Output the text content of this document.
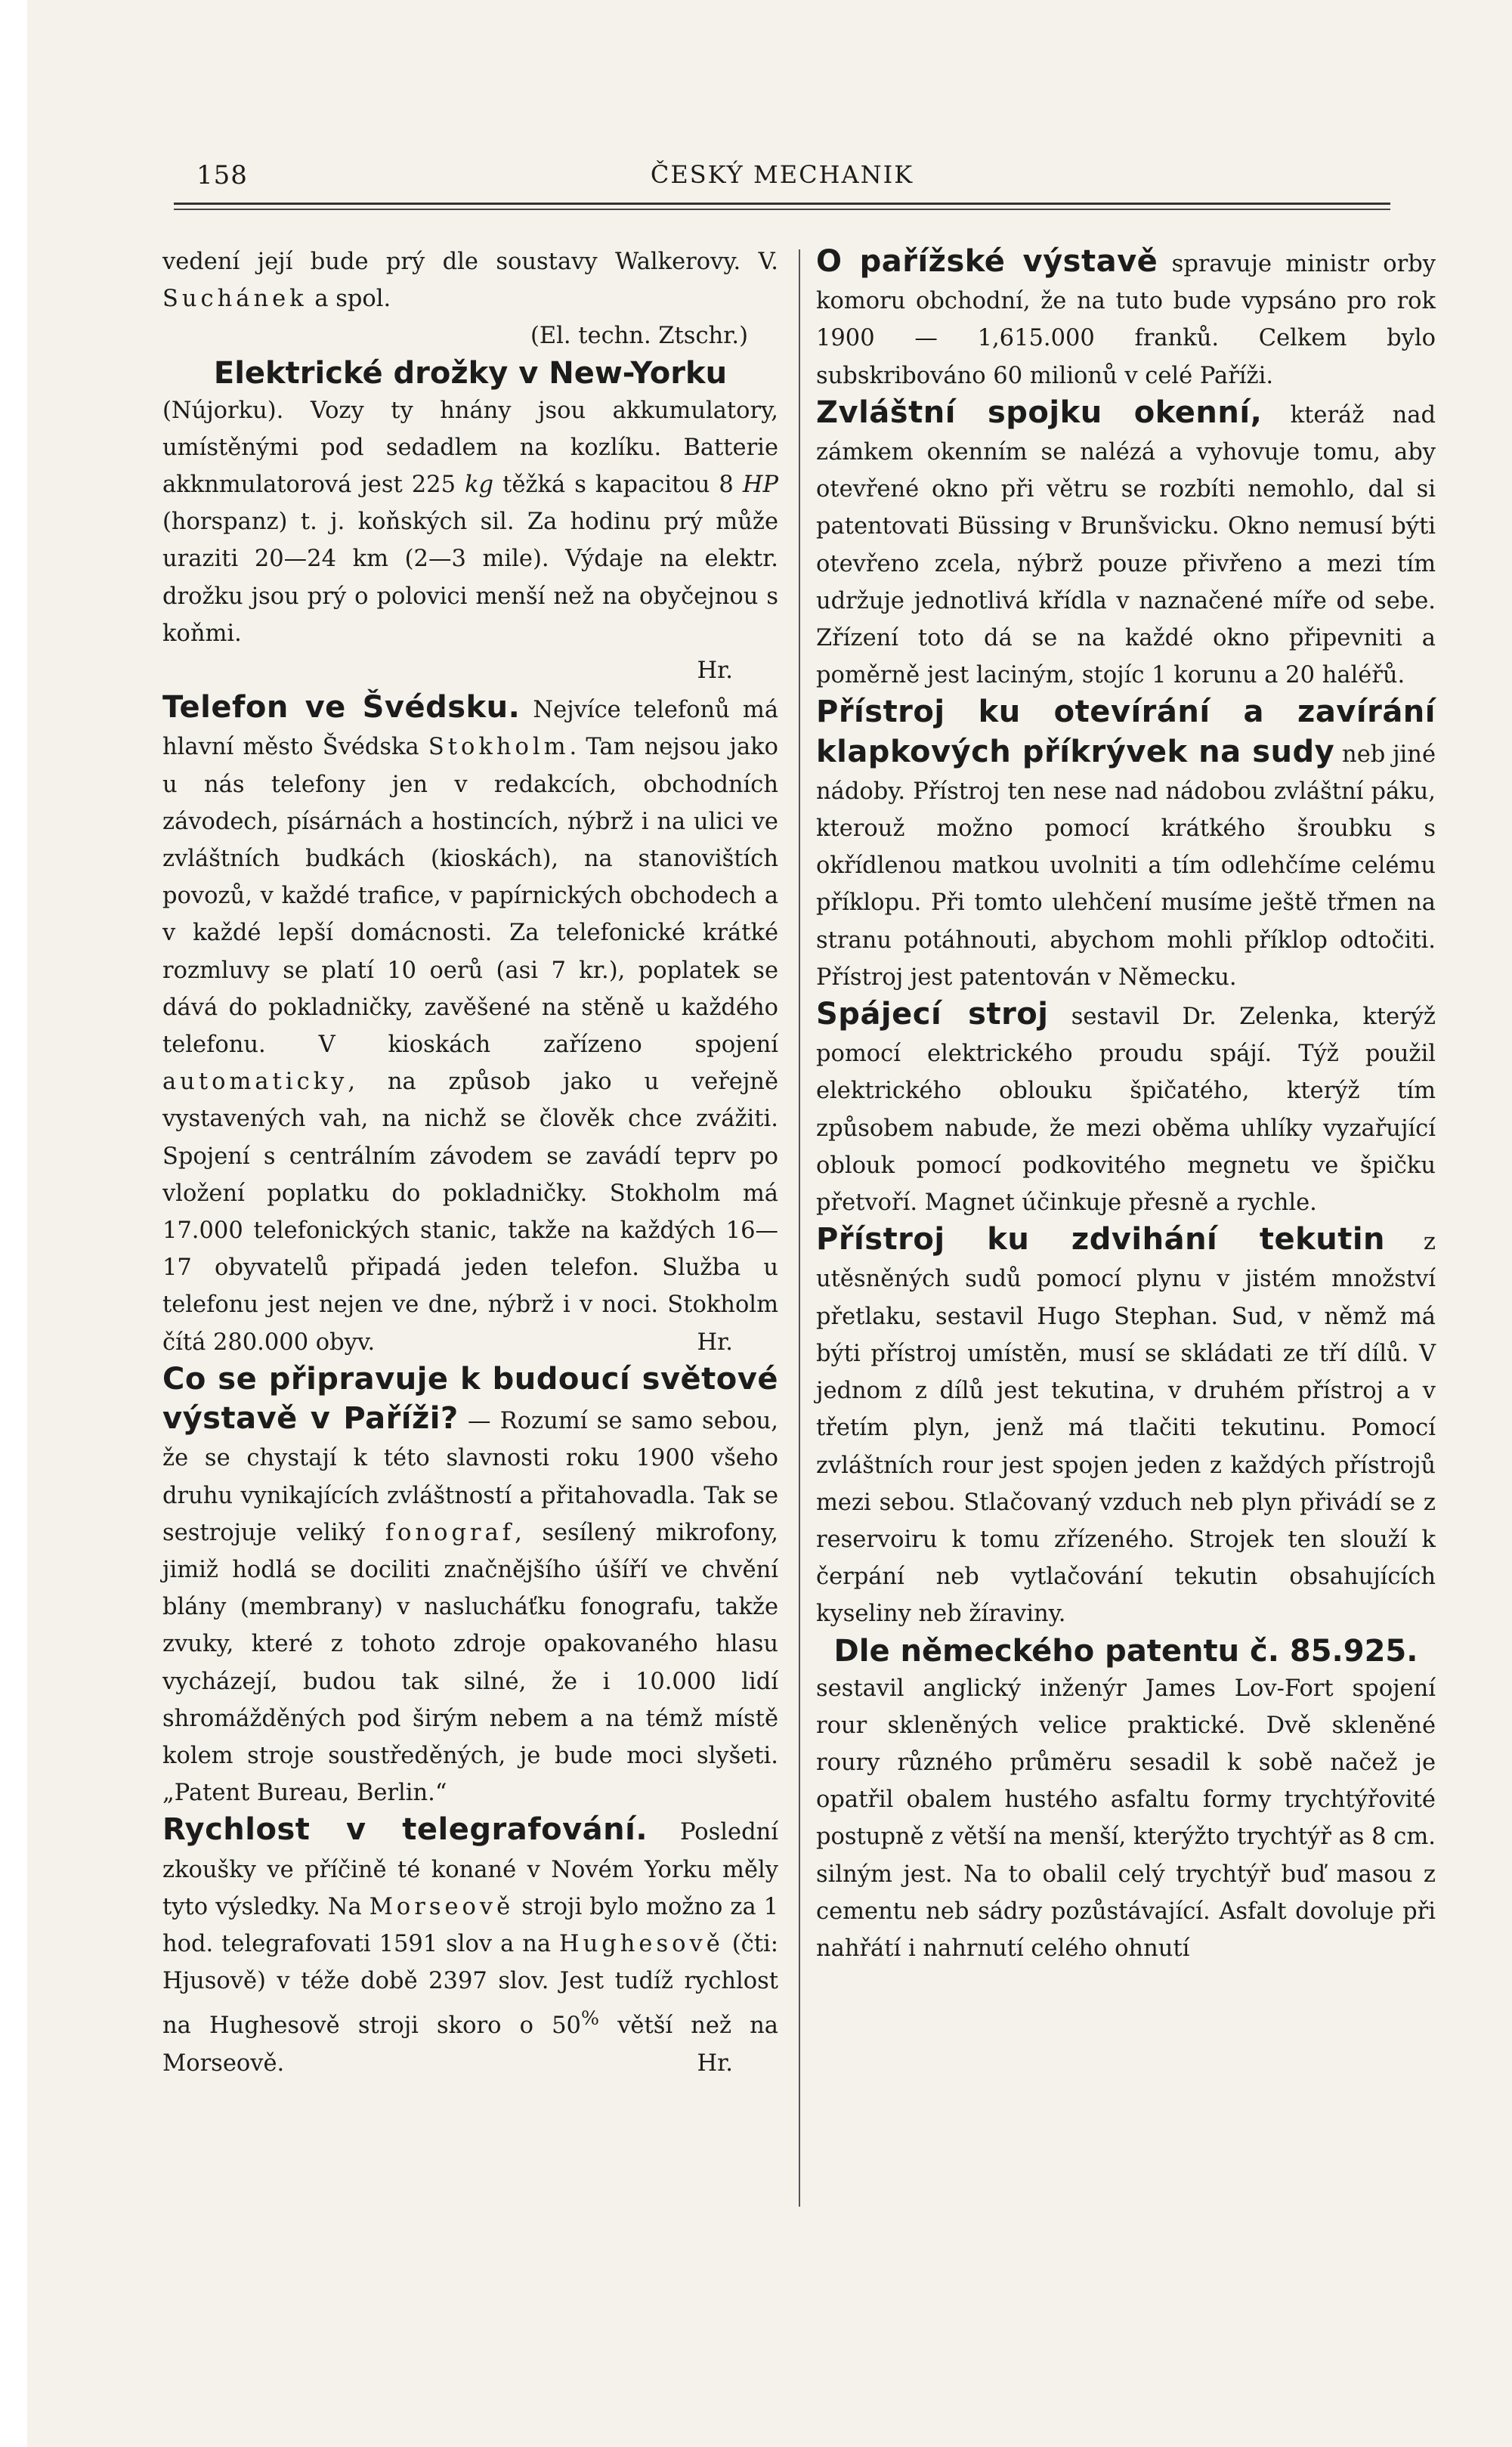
158	ČESKÝ MECHANIK

vedení její bude prý dle soustavy Walkerovy. V. Suchánek a spol.
(El. techn. Ztschr.)

Elektrické drožky v New-Yorku
(Nújorku). Vozy ty hnány jsou akkumulatory, umístěnými pod sedadlem na kozlíku. Batterie akknmulatorová jest 225 kg těžká s kapacitou 8 HP (horspanz) t. j. koňských sil. Za hodinu prý může uraziti 20—24 km (2—3 mile). Výdaje na elektr. drožku jsou prý o polovici menší než na obyčejnou s koňmi.
Hr.

Telefon ve Švédsku. Nejvíce telefonů má hlavní město Švédska Stokholm. Tam nejsou jako u nás telefony jen v redakcích, obchodních závodech, písárnách a hostincích, nýbrž i na ulici ve zvláštních budkách (kioskách), na stanovištích povozů, v každé trafice, v papírnických obchodech a v každé lepší domácnosti. Za telefonické krátké rozmluvy se platí 10 oerů (asi 7 kr.), poplatek se dává do pokladničky, zavěšené na stěně u každého telefonu. V kioskách zařízeno spojení automaticky, na způsob jako u veřejně vystavených vah, na nichž se člověk chce zvážiti. Spojení s centrálním závodem se zavádí teprv po vložení poplatku do pokladničky. Stokholm má 17.000 telefonických stanic, takže na každých 16—17 obyvatelů připadá jeden telefon. Služba u telefonu jest nejen ve dne, nýbrž i v noci. Stokholm čítá 280.000 obyv.	Hr.

Co se připravuje k budoucí světové výstavě v Paříži? — Rozumí se samo sebou, že se chystají k této slavnosti roku 1900 všeho druhu vynikajících zvláštností a přitahovadla. Tak se sestrojuje veliký fonograf, sesílený mikrofony, jimiž hodlá se dociliti značnějšího úšíří ve chvění blány (membrany) v naslucháťku fonografu, takže zvuky, které z tohoto zdroje opakovaného hlasu vycházejí, budou tak silné, že i 10.000 lidí shromážděných pod širým nebem a na témž místě kolem stroje soustředěných, je bude moci slyšeti. „Patent Bureau, Berlin.“

Rychlost v telegrafování. Poslední zkoušky ve příčině té konané v Novém Yorku měly tyto výsledky. Na Morseově stroji bylo možno za 1 hod. telegrafovati 1591 slov a na Hughesově (čti: Hjusově) v téže době 2397 slov. Jest tudíž rychlost na Hughesově stroji skoro o 50% větší než na Morseově.	Hr.

O pařížské výstavě spravuje ministr orby komoru obchodní, že na tuto bude vypsáno pro rok 1900 — 1,615.000 franků. Celkem bylo subskribováno 60 milionů v celé Paříži.

Zvláštní spojku okenní, kteráž nad zámkem okenním se nalézá a vyhovuje tomu, aby otevřené okno při větru se rozbíti nemohlo, dal si patentovati Büssing v Brunšvicku. Okno nemusí býti otevřeno zcela, nýbrž pouze přivřeno a mezi tím udržuje jednotlivá křídla v naznačené míře od sebe. Zřízení toto dá se na každé okno připevniti a poměrně jest laciným, stojíc 1 korunu a 20 haléřů.

Přístroj ku otevírání a zavírání klapkových příkrývek na sudy neb jiné nádoby. Přístroj ten nese nad nádobou zvláštní páku, kterouž možno pomocí krátkého šroubku s okřídlenou matkou uvolniti a tím odlehčíme celému příklopu. Při tomto ulehčení musíme ještě třmen na stranu potáhnouti, abychom mohli příklop odtočiti. Přístroj jest patentován v Německu.

Spájecí stroj sestavil Dr. Zelenka, kterýž pomocí elektrického proudu spájí. Týž použil elektrického oblouku špičatého, kterýž tím způsobem nabude, že mezi oběma uhlíky vyzařující oblouk pomocí podkovitého megnetu ve špičku přetvoří. Magnet účinkuje přesně a rychle.

Přístroj ku zdvihání tekutin z utěsněných sudů pomocí plynu v jistém množství přetlaku, sestavil Hugo Stephan. Sud, v němž má býti přístroj umístěn, musí se skládati ze tří dílů. V jednom z dílů jest tekutina, v druhém přístroj a v třetím plyn, jenž má tlačiti tekutinu. Pomocí zvláštních rour jest spojen jeden z každých přístrojů mezi sebou. Stlačovaný vzduch neb plyn přivádí se z reservoiru k tomu zřízeného. Strojek ten slouží k čerpání neb vytlačování tekutin obsahujících kyseliny neb žíraviny.

Dle německého patentu č. 85.925.
sestavil anglický inženýr James Lov-Fort spojení rour skleněných velice praktické. Dvě skleněné roury různého průměru sesadil k sobě načež je opatřil obalem hustého asfaltu formy trychtýřovité postupně z větší na menší, kterýžto trychtýř as 8 cm. silným jest. Na to obalil celý trychtýř buď masou z cementu neb sádry pozůstávající. Asfalt dovoluje při nahřátí i nahrnutí celého ohnutí
